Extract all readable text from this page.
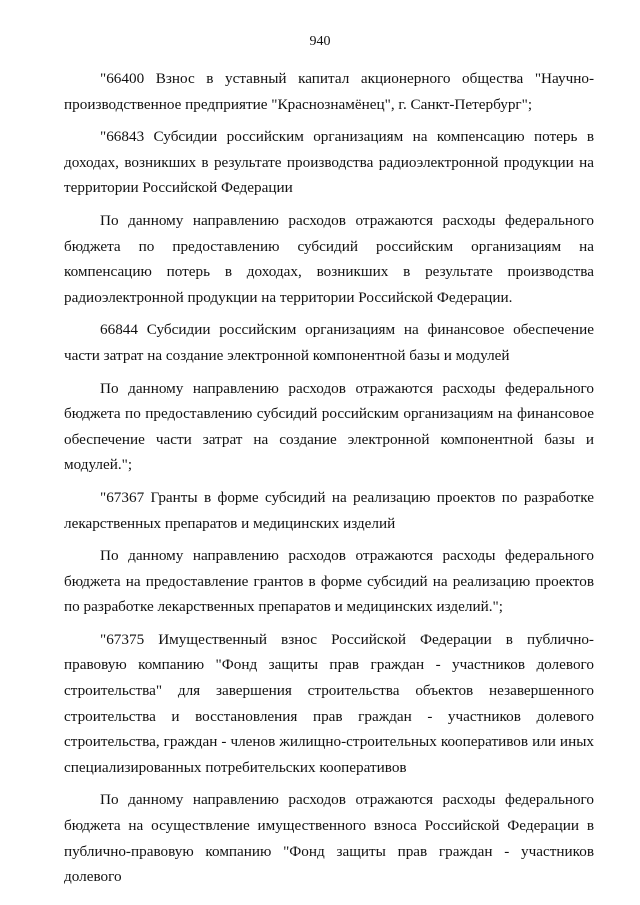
940

"66400 Взнос в уставный капитал акционерного общества "Научно-производственное предприятие "Краснознамёнец", г. Санкт-Петербург";

"66843 Субсидии российским организациям на компенсацию потерь в доходах, возникших в результате производства радиоэлектронной продукции на территории Российской Федерации

По данному направлению расходов отражаются расходы федерального бюджета по предоставлению субсидий российским организациям на компенсацию потерь в доходах, возникших в результате производства радиоэлектронной продукции на территории Российской Федерации.

66844 Субсидии российским организациям на финансовое обеспечение части затрат на создание электронной компонентной базы и модулей

По данному направлению расходов отражаются расходы федерального бюджета по предоставлению субсидий российским организациям на финансовое обеспечение части затрат на создание электронной компонентной базы и модулей.";

"67367 Гранты в форме субсидий на реализацию проектов по разработке лекарственных препаратов и медицинских изделий

По данному направлению расходов отражаются расходы федерального бюджета на предоставление грантов в форме субсидий на реализацию проектов по разработке лекарственных препаратов и медицинских изделий.";

"67375 Имущественный взнос Российской Федерации в публично-правовую компанию "Фонд защиты прав граждан - участников долевого строительства" для завершения строительства объектов незавершенного строительства и восстановления прав граждан - участников долевого строительства, граждан - членов жилищно-строительных кооперативов или иных специализированных потребительских кооперативов

По данному направлению расходов отражаются расходы федерального бюджета на осуществление имущественного взноса Российской Федерации в публично-правовую компанию "Фонд защиты прав граждан - участников долевого
